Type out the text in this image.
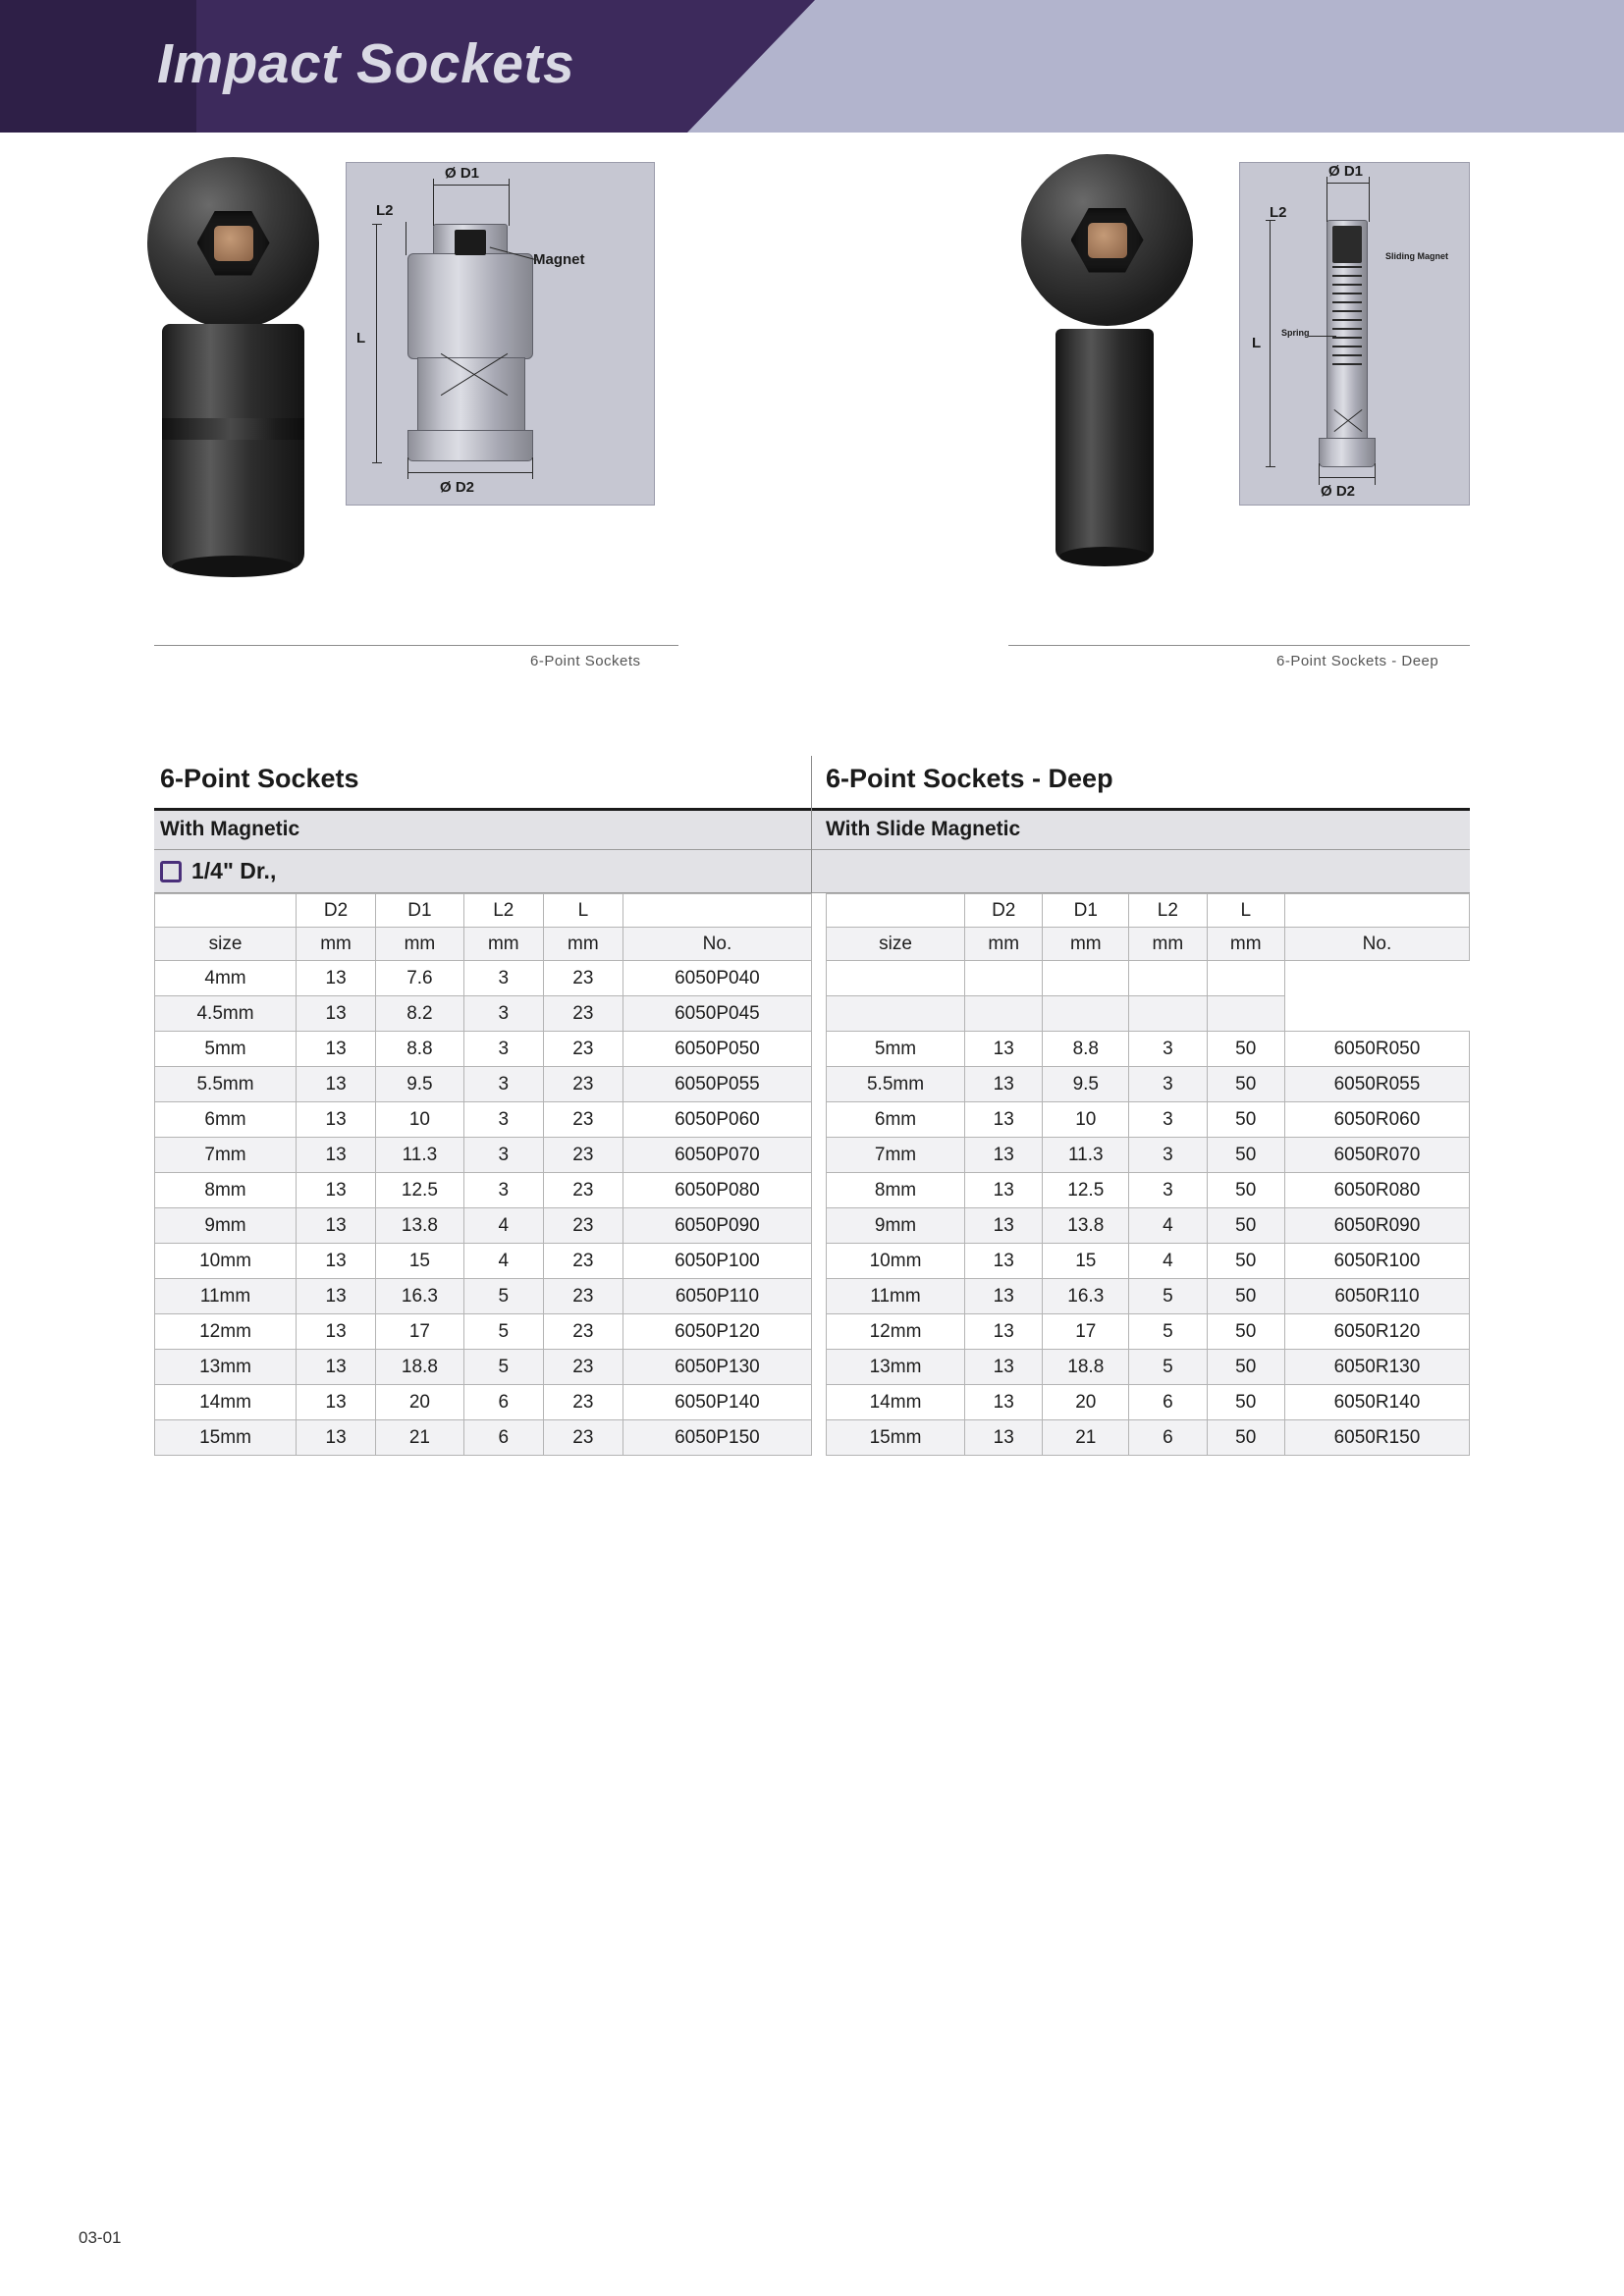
Impact Sockets
Ø D1
L2
L
Magnet
Ø D2
6-Point Sockets
Ø D1
L2
L
Sliding Magnet
Spring
Ø D2
6-Point Sockets - Deep
6-Point Sockets
With Magnetic
1/4" Dr.,
	D2	D1	L2	L	
size	mm	mm	mm	mm	No.
4mm	13	7.6	3	23	6050P040
4.5mm	13	8.2	3	23	6050P045
5mm	13	8.8	3	23	6050P050
5.5mm	13	9.5	3	23	6050P055
6mm	13	10	3	23	6050P060
7mm	13	11.3	3	23	6050P070
8mm	13	12.5	3	23	6050P080
9mm	13	13.8	4	23	6050P090
10mm	13	15	4	23	6050P100
11mm	13	16.3	5	23	6050P110
12mm	13	17	5	23	6050P120
13mm	13	18.8	5	23	6050P130
14mm	13	20	6	23	6050P140
15mm	13	21	6	23	6050P150
6-Point Sockets - Deep
With Slide Magnetic
	D2	D1	L2	L	
size	mm	mm	mm	mm	No.

5mm	13	8.8	3	50	6050R050
5.5mm	13	9.5	3	50	6050R055
6mm	13	10	3	50	6050R060
7mm	13	11.3	3	50	6050R070
8mm	13	12.5	3	50	6050R080
9mm	13	13.8	4	50	6050R090
10mm	13	15	4	50	6050R100
11mm	13	16.3	5	50	6050R110
12mm	13	17	5	50	6050R120
13mm	13	18.8	5	50	6050R130
14mm	13	20	6	50	6050R140
15mm	13	21	6	50	6050R150
03-01
